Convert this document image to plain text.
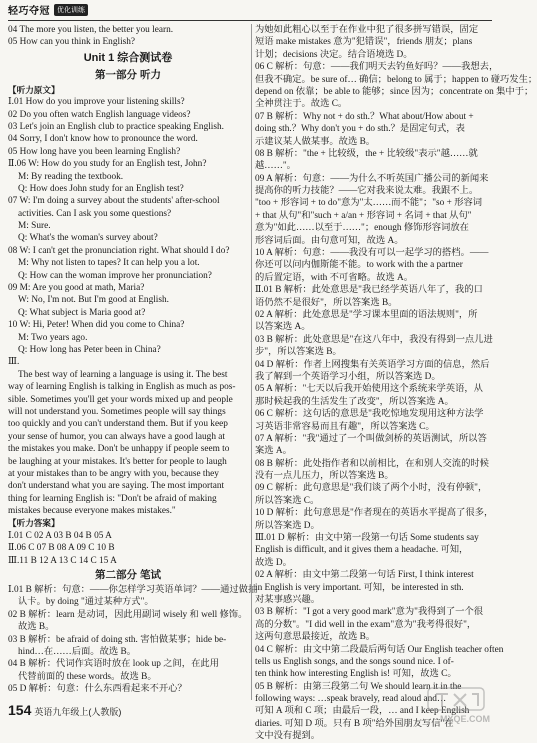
轻巧夺冠	优化训练
04 The more you listen, the better you learn.
05 How can you think in English?
Unit 1 综合测试卷
第一部分 听力
【听力原文】
Ⅰ.01 How do you improve your listening skills?
02 Do you often watch English language videos?
03 Let's join an English club to practice speaking English.
04 Sorry, I don't know how to pronounce the word.
05 How long have you been learning English?
Ⅱ.06 W: How do you study for an English test, John?
M: By reading the textbook.
Q: How does John study for an English test?
07 W: I'm doing a survey about the students' after-school
activities. Can I ask you some questions?
M: Sure.
Q: What's the woman's survey about?
08 W: I can't get the pronunciation right. What should I do?
M: Why not listen to tapes? It can help you a lot.
Q: How can the woman improve her pronunciation?
09 M: Are you good at math, Maria?
W: No, I'm not. But I'm good at English.
Q: What subject is Maria good at?
10 W: Hi, Peter! When did you come to China?
M: Two years ago.
Q: How long has Peter been in China?
Ⅲ.
The best way of learning a language is using it. The best
way of learning English is talking in English as much as pos-
sible. Sometimes you'll get your words mixed up and people
will not understand you. Sometimes people will say things
too quickly and you can't understand them. But if you keep
your sense of humor, you can always have a good laugh at
the mistakes you make. Don't be unhappy if people seem to
be laughing at your mistakes. It's better for people to laugh
at your mistakes than to be angry with you, because they
don't understand what you are saying. The most important
thing for learning English is: "Don't be afraid of making
mistakes because everyone makes mistakes."
【听力答案】
Ⅰ.01 C 02 A 03 B 04 B 05 A
Ⅱ.06 C 07 B 08 A 09 C 10 B
Ⅲ.11 B 12 A 13 C 14 C 15 A
第二部分 笔试
Ⅰ.01 B 解析：句意：——你怎样学习英语单词？——通过做抽
认卡。by doing "通过某种方式"。
02 B 解析：learn 是动词，因此用副词 wisely 和 well 修饰。
故选 B。
03 B 解析：be afraid of doing sth. 害怕做某事；hide be-
hind…在……后面。故选 B。
04 B 解析：代词作宾语时放在 look up 之间，在此用
代替前面的 these words。故选 B。
05 D 解析：句意：什么东西看起来不开心？
为她如此粗心以至于在作业中犯了很多拼写错误，固定
短语 make mistakes 意为"犯错误"，friends 朋友；plans
计划；decisions 决定。结合语境选 D。
06 C 解析：句意：——我们明天去钓鱼好吗？——我想去，
但我不确定。be sure of… 确信；belong to 属于；happen to 碰巧发生；
depend on 依靠；be able to 能够；since 因为；concentrate on 集中于；
全神贯注于。故选 C。
07 B 解析：Why not + do sth.？What about/How about +
doing sth.？Why don't you + do sth.？是固定句式，表
示建议某人做某事。故选 B。
08 B 解析："the + 比较级，the + 比较级"表示"越……就
越……"。
09 A 解析：句意：——为什么不听英国广播公司的新闻来
提高你的听力技能？——它对我来说太难。我跟不上。
"too + 形容词 + to do"意为"太……而不能"；"so + 形容词
+ that 从句"和"such + a/an + 形容词 + 名词 + that 从句"
意为"如此……以至于……"；enough 修饰形容词放在
形容词后面。由句意可知，故选 A。
10 A 解析：句意：——我没有可以一起学习的搭档。——
你还可以问内伽斯能不能。to work with the a partner
的后置定语，with 不可省略。故选 A。
Ⅱ.01 B 解析：此处意思是"我已经学英语八年了，我的口
语仍然不是很好"，所以答案选 B。
02 A 解析：此处意思是"学习课本里面的语法规则"，所
以答案选 A。
03 B 解析：此处意思是"在这八年中，我没有得到一点儿进
步"，所以答案选 B。
04 D 解析：作者上网搜集有关英语学习方面的信息，然后
我了解到一个英语学习小组，所以答案选 D。
05 A 解析："七天以后我开始使用这个系统来学英语，从
那时候起我的生活发生了改变"，所以答案选 A。
06 C 解析：这句话的意思是"我吃惊地发现用这种方法学
习英语非常容易而且有趣"，所以答案选 C。
07 A 解析："我"通过了一个叫做剑桥的英语测试，所以答
案选 A。
08 B 解析：此处指作者和以前相比，在和别人交流的时候
没有一点儿压力，所以答案选 B。
09 C 解析：此句意思是"我们谈了两个小时，没有停顿"，
所以答案选 C。
10 D 解析：此句意思是"作者现在的英语水平提高了很多，
所以答案选 D。
Ⅲ.01 D 解析：由文中第一段第一句话 Some students say
English is difficult, and it gives them a headache. 可知，
故选 D。
02 A 解析：由文中第二段第一句话 First, I think interest
in English is very important. 可知，be interested in sth.
对某事感兴趣。
03 B 解析："I got a very good mark"意为"我得到了一个很
高的分数"。"I did well in the exam"意为"我考得很好"，
这两句意思最接近，故选 B。
04 C 解析：由文中第二段最后两句话 Our English teacher often
tells us English songs, and the songs sound nice. I of-
ten think how interesting English is! 可知，故选 C。
05 B 解析：由第三段第二句 We should learn it in the
following ways: …speak bravely, read aloud and…
可知 A 项和 C 项；由最后一段，… and I keep English
diaries. 可知 D 项。只有 B 项"给外国朋友写信"在
文中没有提到。
154 英语九年级上(人教版)
MXQE.COM
